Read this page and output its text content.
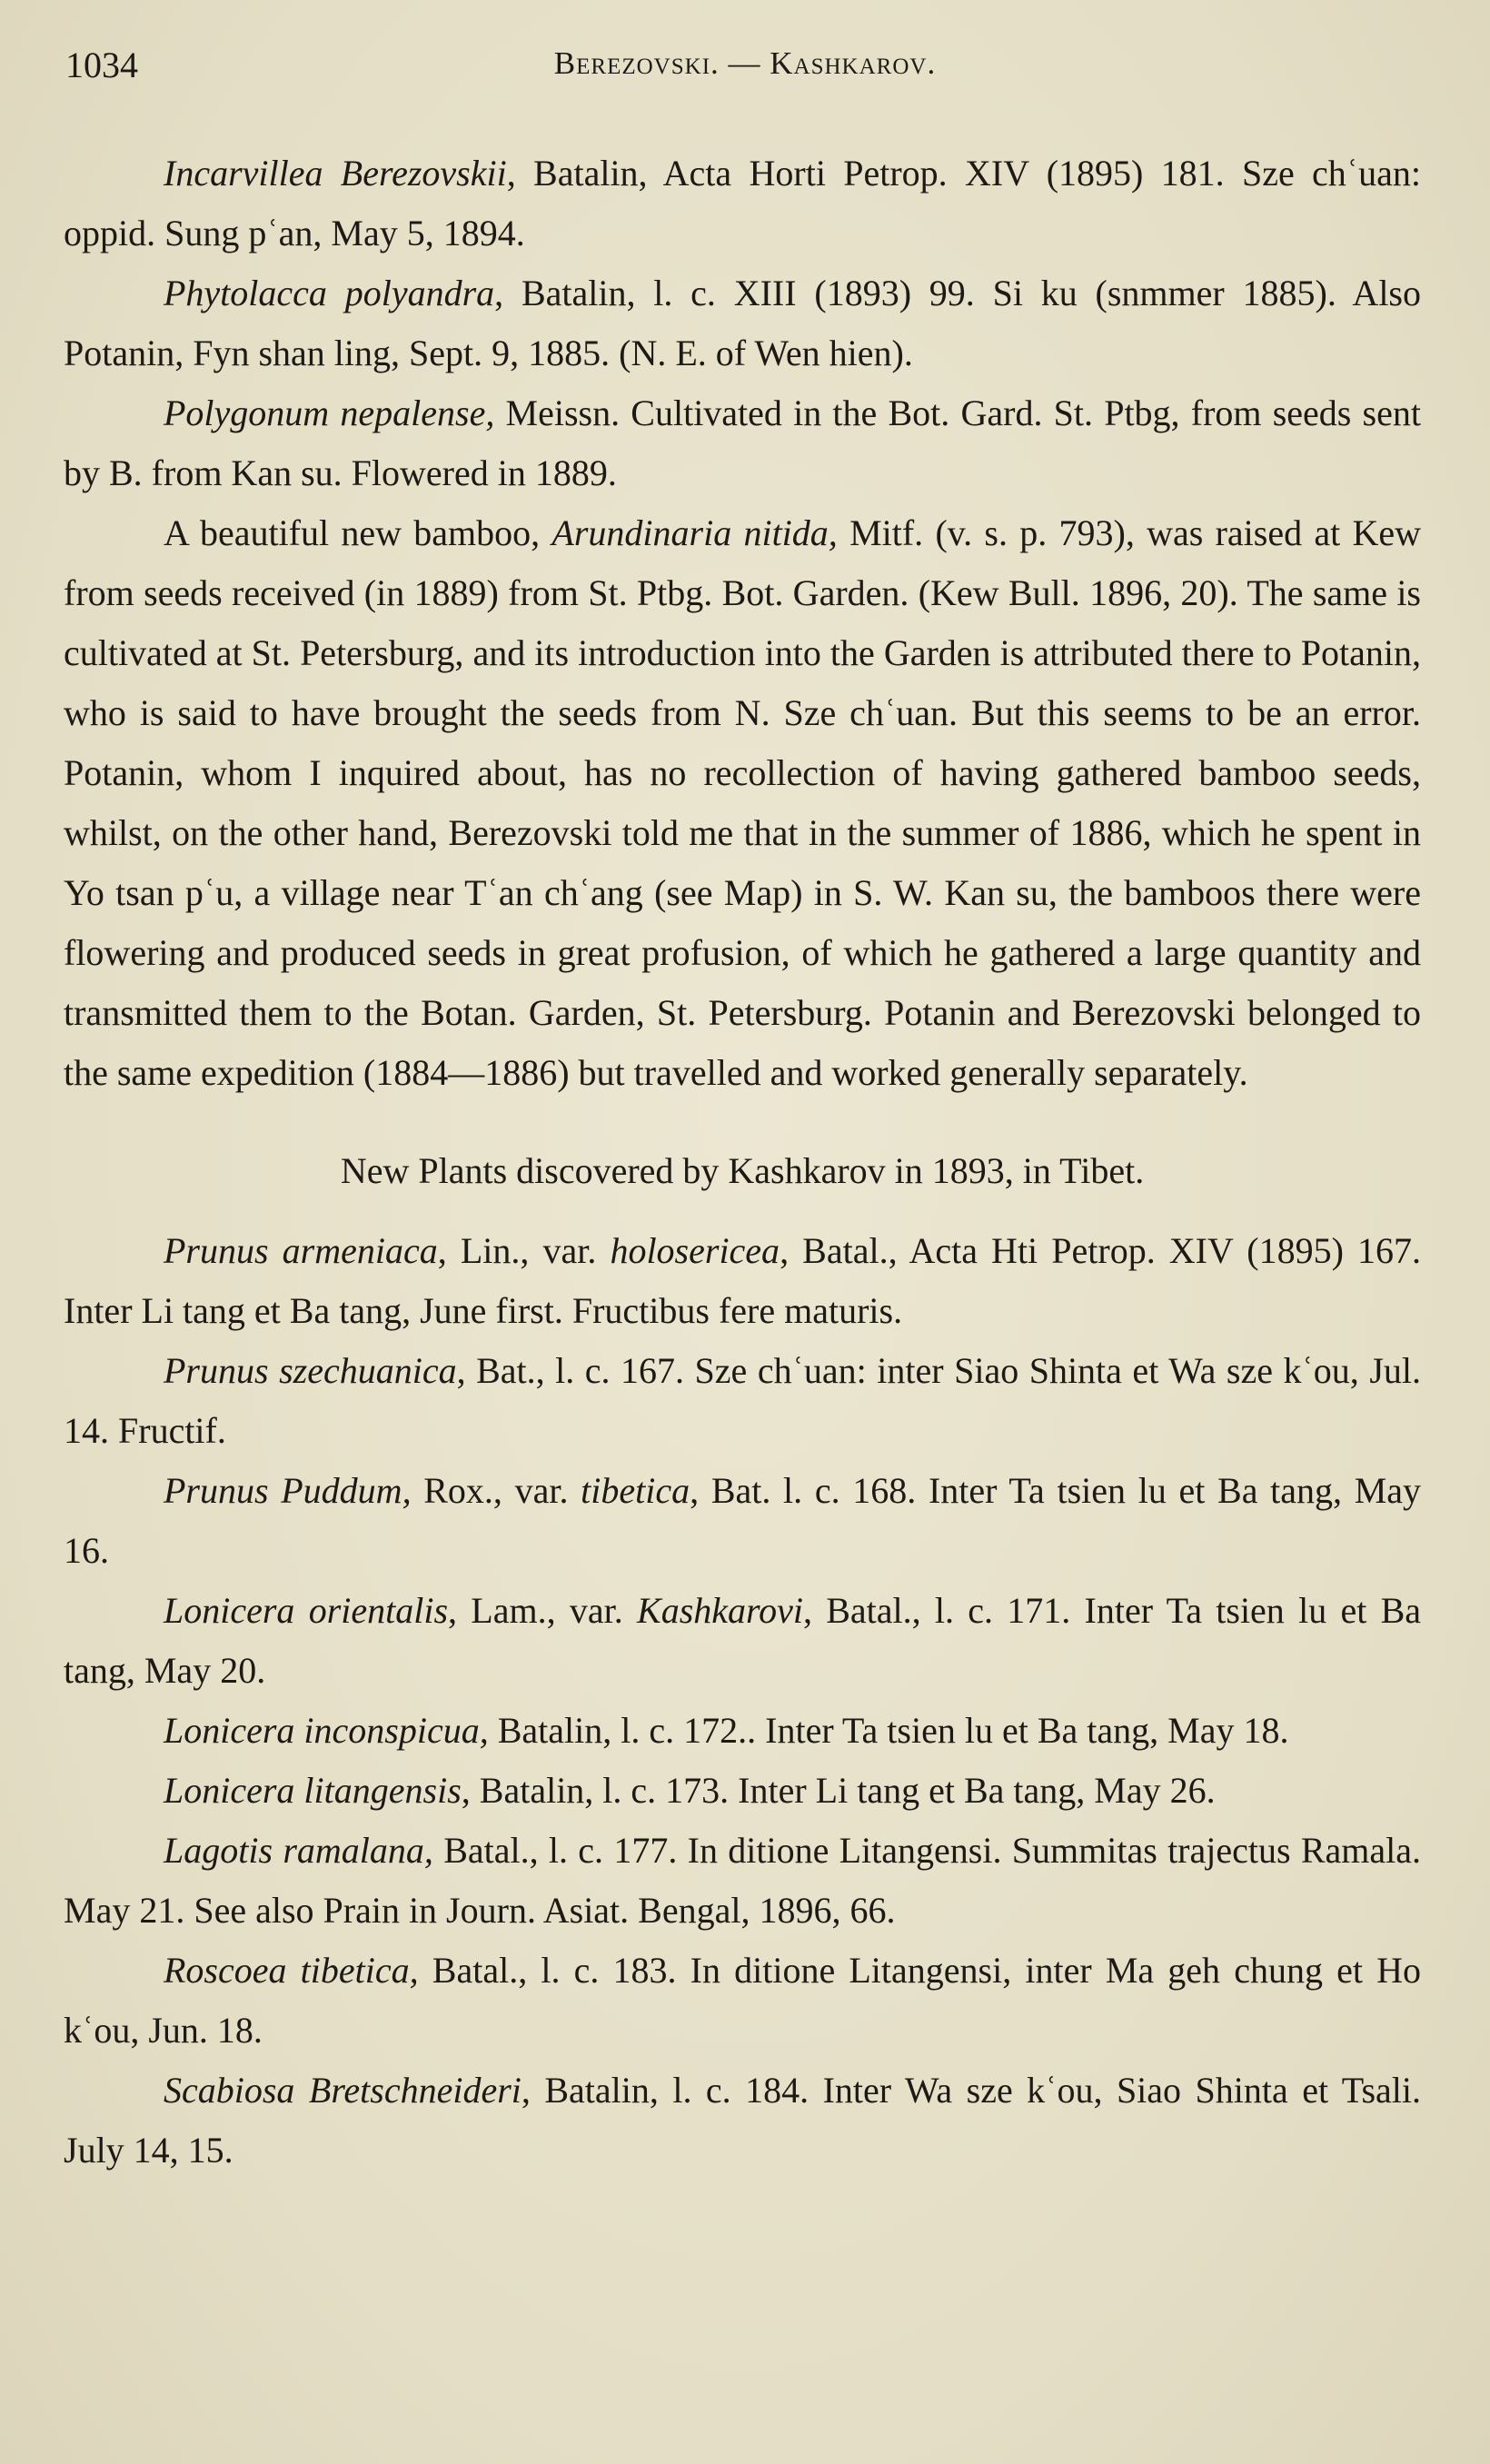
1034	Berezovski. — Kashkarov.

Incarvillea Berezovskii, Batalin, Acta Horti Petrop. XIV (1895) 181. Sze chʿuan: oppid. Sung pʿan, May 5, 1894.

Phytolacca polyandra, Batalin, l. c. XIII (1893) 99. Si ku (snmmer 1885). Also Potanin, Fyn shan ling, Sept. 9, 1885. (N. E. of Wen hien).

Polygonum nepalense, Meissn. Cultivated in the Bot. Gard. St. Ptbg, from seeds sent by B. from Kan su. Flowered in 1889.

A beautiful new bamboo, Arundinaria nitida, Mitf. (v. s. p. 793), was raised at Kew from seeds received (in 1889) from St. Ptbg. Bot. Garden. (Kew Bull. 1896, 20). The same is cultivated at St. Petersburg, and its introduction into the Garden is attributed there to Potanin, who is said to have brought the seeds from N. Sze chʿuan. But this seems to be an error. Potanin, whom I inquired about, has no recollection of having gathered bamboo seeds, whilst, on the other hand, Berezovski told me that in the summer of 1886, which he spent in Yo tsan pʿu, a village near Tʿan chʿang (see Map) in S. W. Kan su, the bamboos there were flowering and produced seeds in great profusion, of which he gathered a large quantity and transmitted them to the Botan. Garden, St. Petersburg. Potanin and Berezovski belonged to the same expedition (1884—1886) but travelled and worked generally separately.

New Plants discovered by Kashkarov in 1893, in Tibet.

Prunus armeniaca, Lin., var. holosericea, Batal., Acta Hti Petrop. XIV (1895) 167. Inter Li tang et Ba tang, June first. Fructibus fere maturis.

Prunus szechuanica, Bat., l. c. 167. Sze chʿuan: inter Siao Shinta et Wa sze kʿou, Jul. 14. Fructif.

Prunus Puddum, Rox., var. tibetica, Bat. l. c. 168. Inter Ta tsien lu et Ba tang, May 16.

Lonicera orientalis, Lam., var. Kashkarovi, Batal., l. c. 171. Inter Ta tsien lu et Ba tang, May 20.

Lonicera inconspicua, Batalin, l. c. 172.. Inter Ta tsien lu et Ba tang, May 18.

Lonicera litangensis, Batalin, l. c. 173. Inter Li tang et Ba tang, May 26.

Lagotis ramalana, Batal., l. c. 177. In ditione Litangensi. Summitas trajectus Ramala. May 21. See also Prain in Journ. Asiat. Bengal, 1896, 66.

Roscoea tibetica, Batal., l. c. 183. In ditione Litangensi, inter Ma geh chung et Ho kʿou, Jun. 18.

Scabiosa Bretschneideri, Batalin, l. c. 184. Inter Wa sze kʿou, Siao Shinta et Tsali. July 14, 15.
